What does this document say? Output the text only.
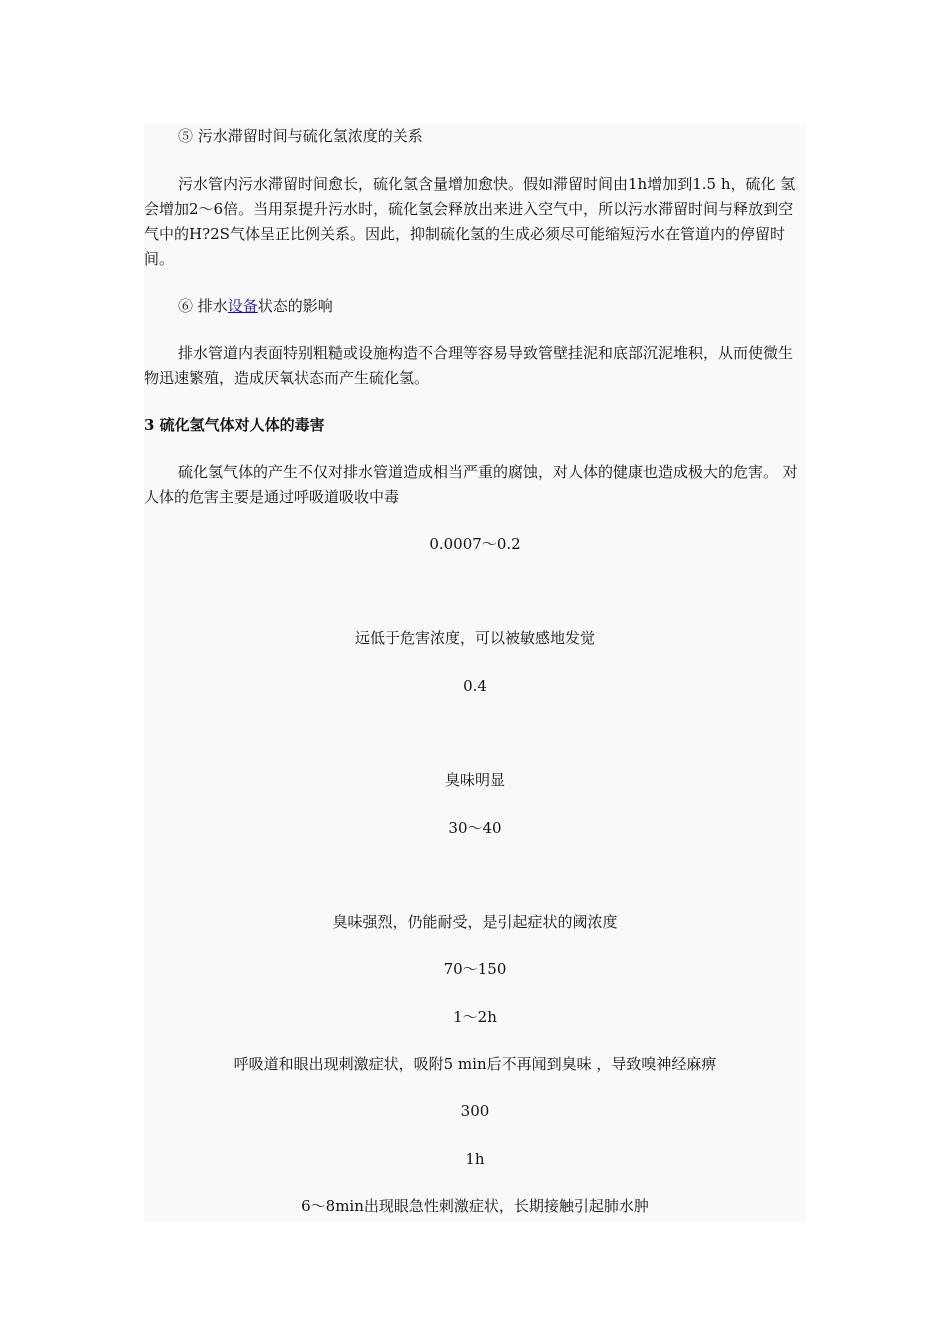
⑤ 污水滞留时间与硫化氢浓度的关系
污水管内污水滞留时间愈长，硫化氢含量增加愈快。假如滞留时间由1h增加到1.5 h，硫化 氢会增加2～6倍。当用泵提升污水时，硫化氢会释放出来进入空气中，所以污水滞留时间与释放到空气中的H?2S气体呈正比例关系。因此，抑制硫化氢的生成必须尽可能缩短污水在管道内的停留时间。
⑥ 排水设备状态的影响
排水管道内表面特别粗糙或设施构造不合理等容易导致管壁挂泥和底部沉泥堆积，从而使微生物迅速繁殖，造成厌氧状态而产生硫化氢。
3 硫化氢气体对人体的毒害
硫化氢气体的产生不仅对排水管道造成相当严重的腐蚀，对人体的健康也造成极大的危害。 对人体的危害主要是通过呼吸道吸收中毒
0.0007～0.2
远低于危害浓度，可以被敏感地发觉
0.4
臭味明显
30～40
臭味强烈，仍能耐受，是引起症状的阈浓度
70～150
1～2h
呼吸道和眼出现刺激症状，吸附5 min后不再闻到臭味 ，导致嗅神经麻痹
300
1h
6～8min出现眼急性刺激症状，长期接触引起肺水肿
